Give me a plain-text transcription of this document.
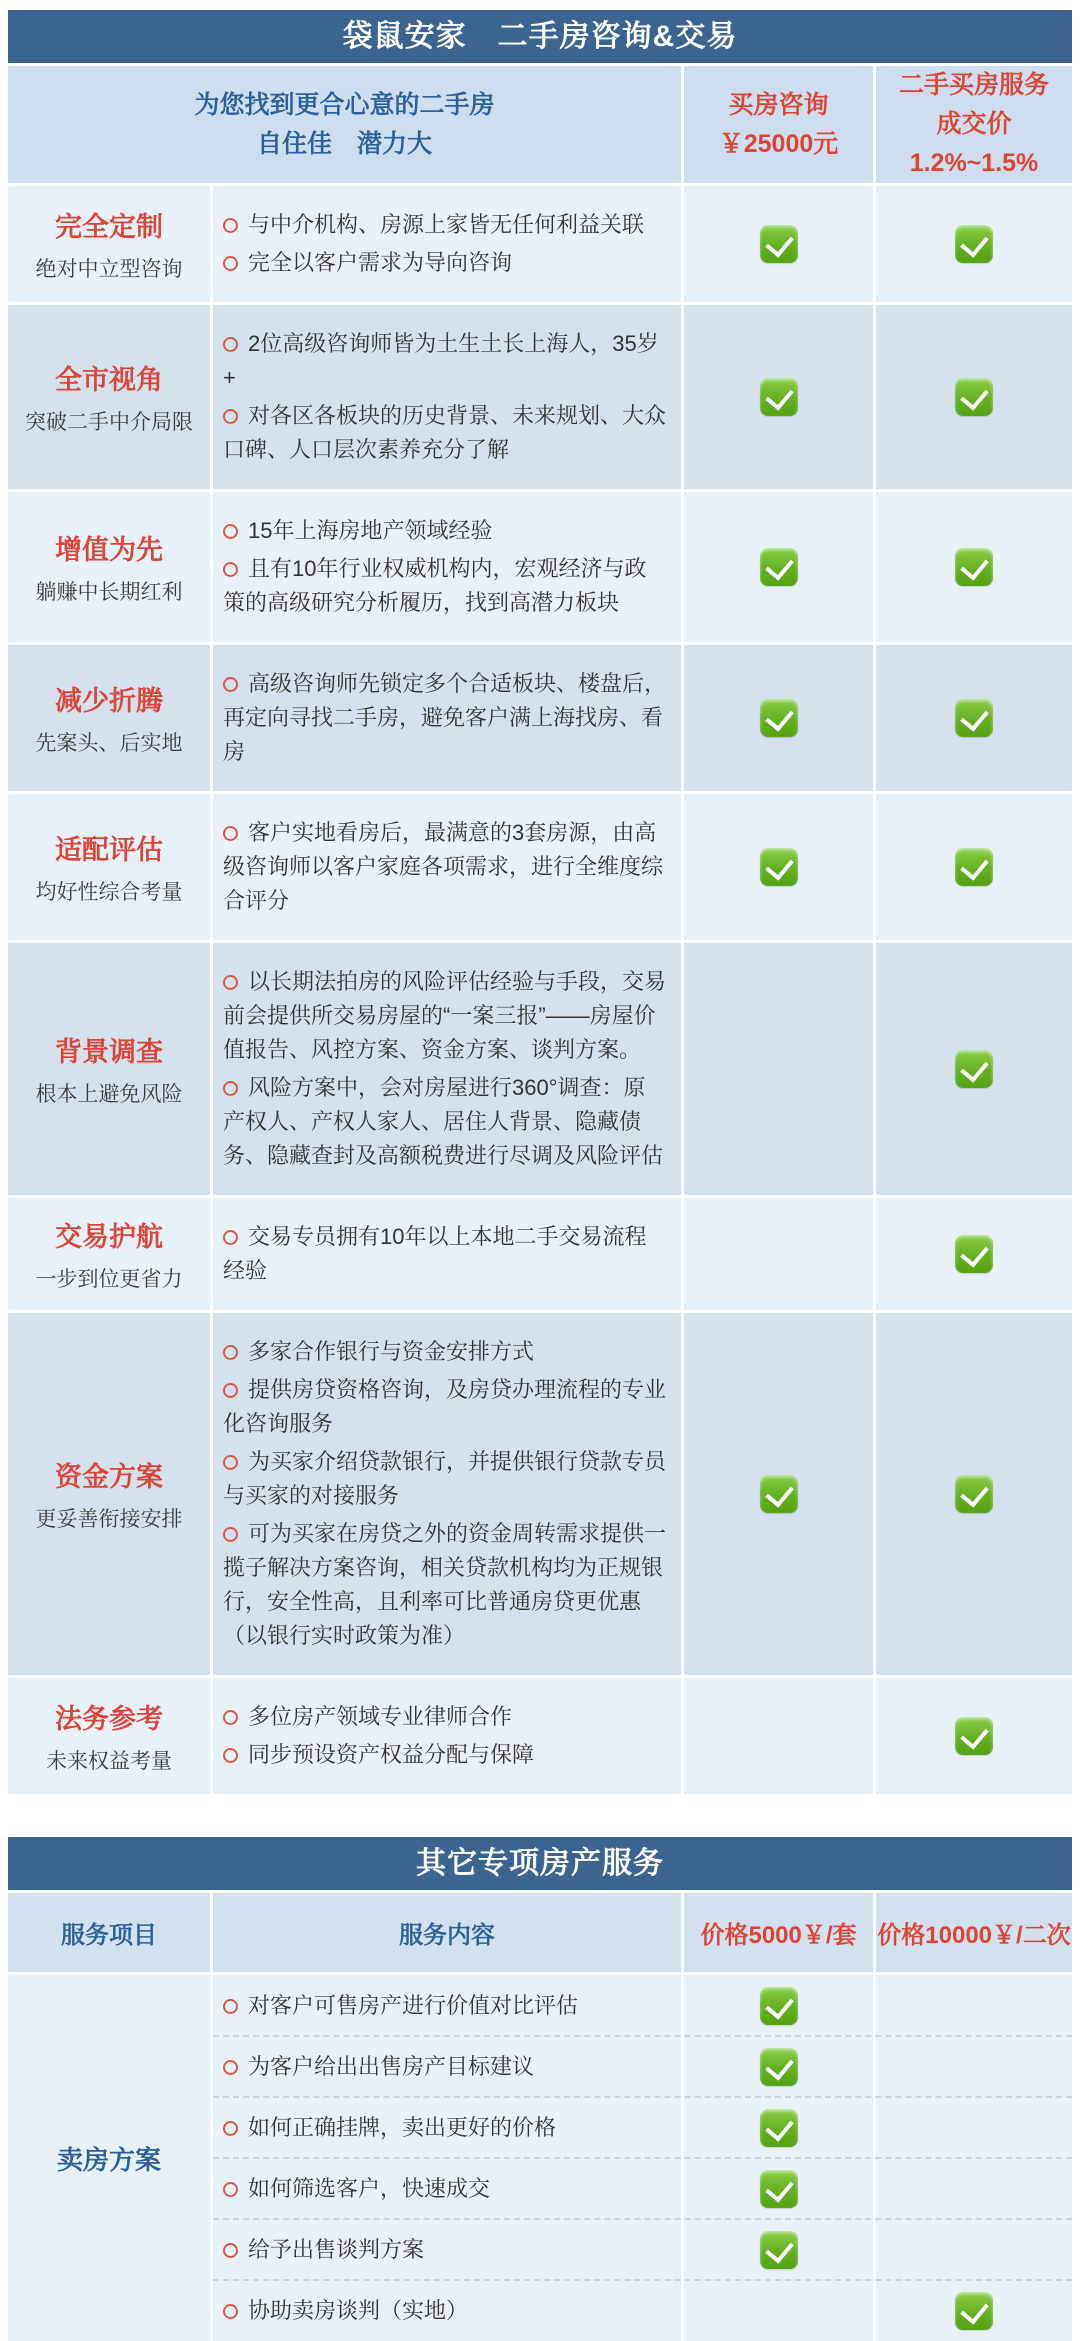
袋鼠安家　二手房咨询&交易
为您找到更合心意的二手房
自住佳　潜力大
买房咨询
￥25000元
二手买房服务
成交价1.2%~1.5%
完全定制
绝对中立型咨询

与中介机构、房源上家皆无任何利益关联

完全以客户需求为导向咨询

全市视角
突破二手中介局限

2位高级咨询师皆为土生土长上海人，35岁+

对各区各板块的历史背景、未来规划、大众口碑、人口层次素养充分了解

增值为先
躺赚中长期红利

15年上海房地产领域经验

且有10年行业权威机构内，宏观经济与政策的高级研究分析履历，找到高潜力板块

减少折腾
先案头、后实地

高级咨询师先锁定多个合适板块、楼盘后，再定向寻找二手房，避免客户满上海找房、看房

适配评估
均好性综合考量

客户实地看房后，最满意的3套房源，由高级咨询师以客户家庭各项需求，进行全维度综合评分

背景调查
根本上避免风险

以长期法拍房的风险评估经验与手段，交易前会提供所交易房屋的“一案三报”——房屋价值报告、风控方案、资金方案、谈判方案。

风险方案中，会对房屋进行360°调查：原产权人、产权人家人、居住人背景、隐藏债务、隐藏查封及高额税费进行尽调及风险评估

交易护航
一步到位更省力

交易专员拥有10年以上本地二手交易流程经验

资金方案
更妥善衔接安排

多家合作银行与资金安排方式

提供房贷资格咨询，及房贷办理流程的专业化咨询服务

为买家介绍贷款银行，并提供银行贷款专员与买家的对接服务

可为买家在房贷之外的资金周转需求提供一揽子解决方案咨询，相关贷款机构均为正规银行，安全性高，且利率可比普通房贷更优惠（以银行实时政策为准）

法务参考
未来权益考量

多位房产领域专业律师合作

同步预设资产权益分配与保障

其它专项房产服务
服务项目	服务内容	价格5000￥/套 价格10000￥/二次
卖房方案

对客户可售房产进行价值对比评估

为客户给出出售房产目标建议

如何正确挂牌，卖出更好的价格

如何筛选客户，快速成交

给予出售谈判方案

协助卖房谈判（实地）
